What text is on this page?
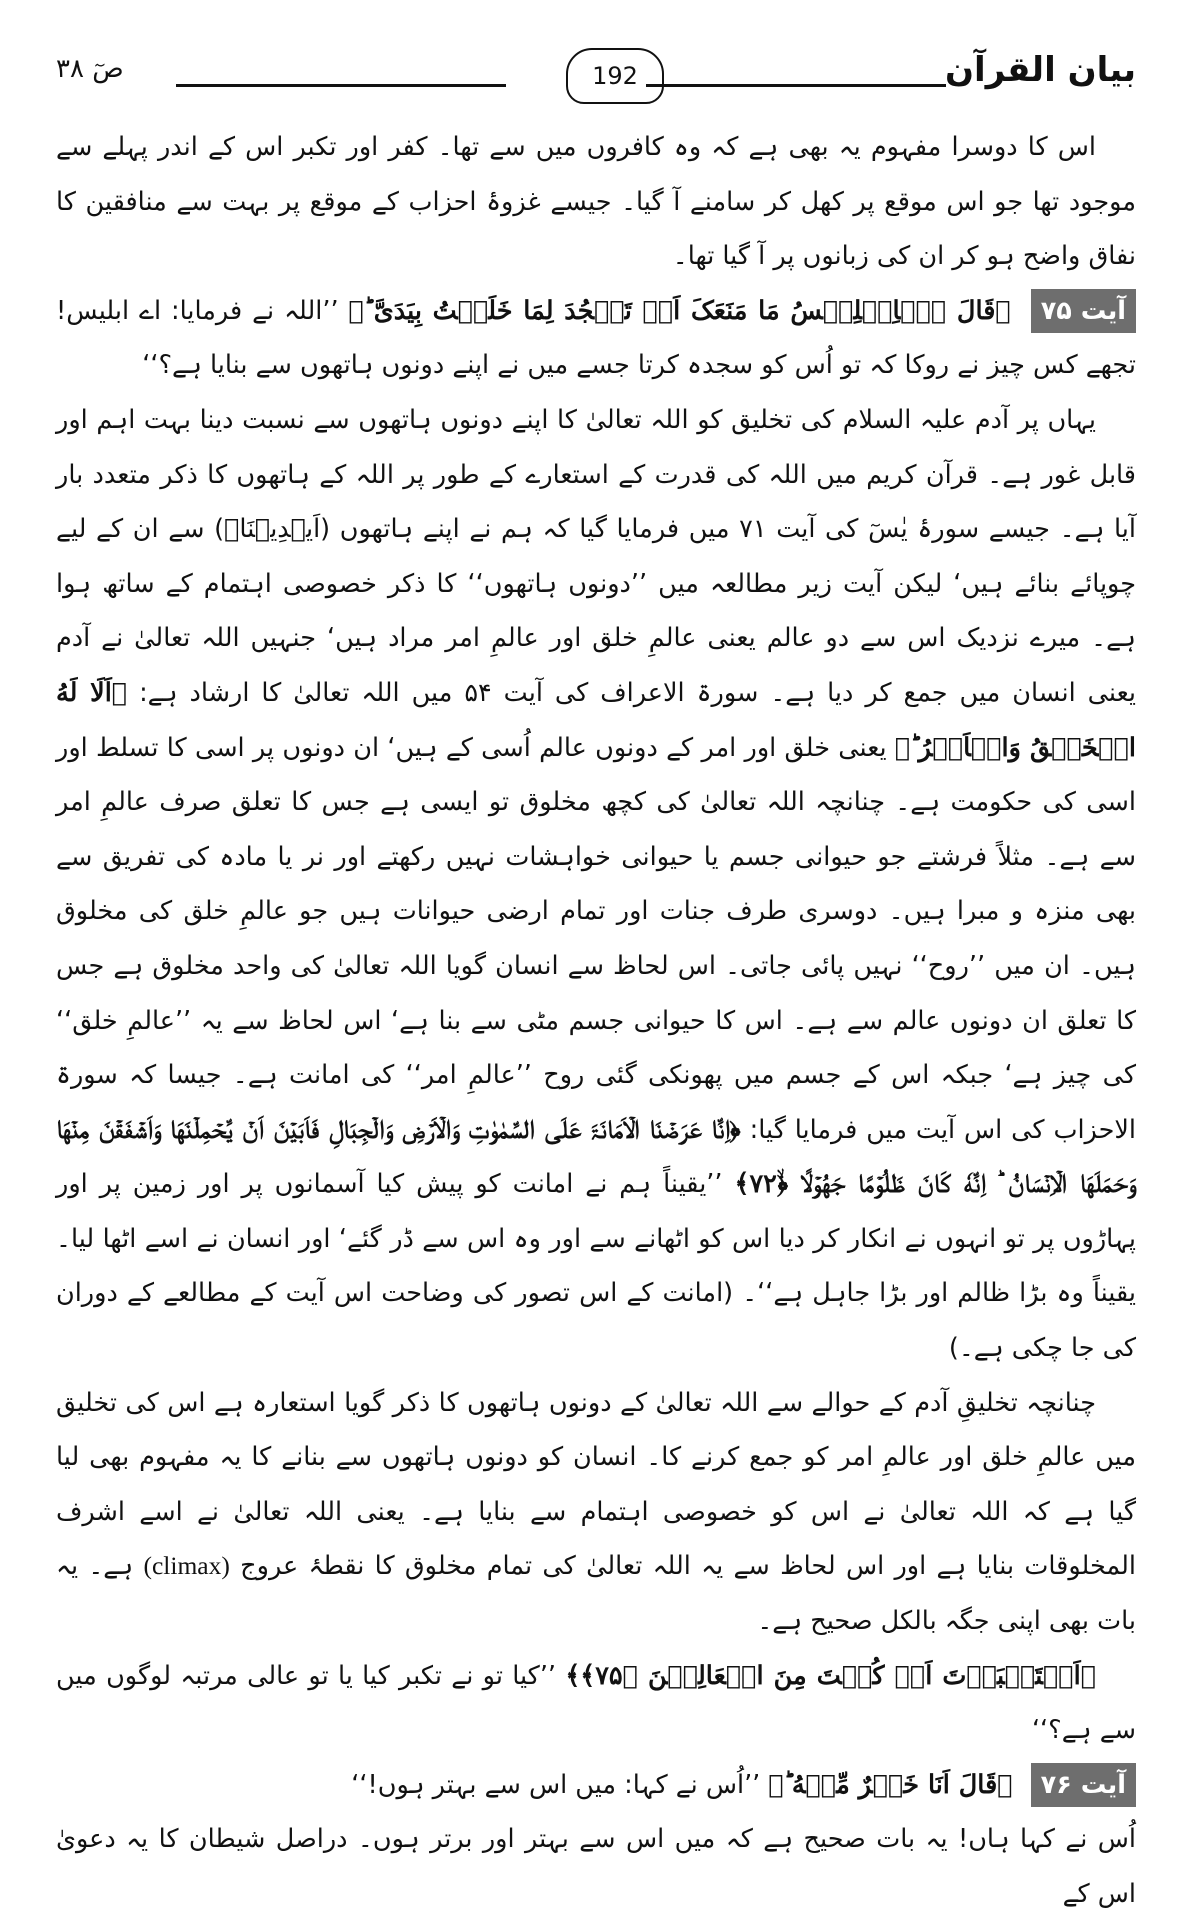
بیان القرآن
192
صٓ ۳۸

اس کا دوسرا مفہوم یہ بھی ہے کہ وہ کافروں میں سے تھا۔ کفر اور تکبر اس کے اندر پہلے سے موجود تھا جو اس موقع پر کھل کر سامنے آ گیا۔ جیسے غزوۂ احزاب کے موقع پر بہت سے منافقین کا نفاق واضح ہو کر ان کی زبانوں پر آ گیا تھا۔

آیت ۷۵ ﴿قَالَ یٰۤاِبۡلِیۡسُ مَا مَنَعَکَ اَنۡ تَسۡجُدَ لِمَا خَلَقۡتُ بِیَدَیَّ ؕ﴾ ’’اللہ نے فرمایا: اے ابلیس! تجھے کس چیز نے روکا کہ تو اُس کو سجدہ کرتا جسے میں نے اپنے دونوں ہاتھوں سے بنایا ہے؟‘‘

یہاں پر آدم علیہ السلام کی تخلیق کو اللہ تعالیٰ کا اپنے دونوں ہاتھوں سے نسبت دینا بہت اہم اور قابل غور ہے۔ قرآن کریم میں اللہ کی قدرت کے استعارے کے طور پر اللہ کے ہاتھوں کا ذکر متعدد بار آیا ہے۔ جیسے سورۂ یٰسٓ کی آیت ۷۱ میں فرمایا گیا کہ ہم نے اپنے ہاتھوں (اَیۡدِیۡنَاۤ) سے ان کے لیے چوپائے بنائے ہیں‘ لیکن آیت زیر مطالعہ میں ’’دونوں ہاتھوں‘‘ کا ذکر خصوصی اہتمام کے ساتھ ہوا ہے۔ میرے نزدیک اس سے دو عالم یعنی عالمِ خلق اور عالمِ امر مراد ہیں‘ جنہیں اللہ تعالیٰ نے آدم یعنی انسان میں جمع کر دیا ہے۔ سورۃ الاعراف کی آیت ۵۴ میں اللہ تعالیٰ کا ارشاد ہے: ﴿اَلَا لَهُ الۡخَلۡقُ وَالۡاَمۡرُ ؕ﴾ یعنی خلق اور امر کے دونوں عالم اُسی کے ہیں‘ ان دونوں پر اسی کا تسلط اور اسی کی حکومت ہے۔ چنانچہ اللہ تعالیٰ کی کچھ مخلوق تو ایسی ہے جس کا تعلق صرف عالمِ امر سے ہے۔ مثلاً فرشتے جو حیوانی جسم یا حیوانی خواہشات نہیں رکھتے اور نر یا مادہ کی تفریق سے بھی منزہ و مبرا ہیں۔ دوسری طرف جنات اور تمام ارضی حیوانات ہیں جو عالمِ خلق کی مخلوق ہیں۔ ان میں ’’روح‘‘ نہیں پائی جاتی۔ اس لحاظ سے انسان گویا اللہ تعالیٰ کی واحد مخلوق ہے جس کا تعلق ان دونوں عالم سے ہے۔ اس کا حیوانی جسم مٹی سے بنا ہے‘ اس لحاظ سے یہ ’’عالمِ خلق‘‘ کی چیز ہے‘ جبکہ اس کے جسم میں پھونکی گئی روح ’’عالمِ امر‘‘ کی امانت ہے۔ جیسا کہ سورۃ الاحزاب کی اس آیت میں فرمایا گیا: ﴿اِنَّا عَرَضۡنَا الۡاَمَانَۃَ عَلَی السَّمٰوٰتِ وَالۡاَرۡضِ وَالۡجِبَالِ فَاَبَیۡنَ اَنۡ یَّحۡمِلۡنَهَا وَاَشۡفَقۡنَ مِنۡهَا وَحَمَلَهَا الۡاِنۡسَانُ ؕ اِنَّهٗ کَانَ ظَلُوۡمًا جَهُوۡلًا ﴿ۙ۷۲﴾ ’’یقیناً ہم نے امانت کو پیش کیا آسمانوں پر اور زمین پر اور پہاڑوں پر تو انہوں نے انکار کر دیا اس کو اٹھانے سے اور وہ اس سے ڈر گئے‘ اور انسان نے اسے اٹھا لیا۔ یقیناً وہ بڑا ظالم اور بڑا جاہل ہے‘‘۔ (امانت کے اس تصور کی وضاحت اس آیت کے مطالعے کے دوران کی جا چکی ہے۔)

چنانچہ تخلیقِ آدم کے حوالے سے اللہ تعالیٰ کے دونوں ہاتھوں کا ذکر گویا استعارہ ہے اس کی تخلیق میں عالمِ خلق اور عالمِ امر کو جمع کرنے کا۔ انسان کو دونوں ہاتھوں سے بنانے کا یہ مفہوم بھی لیا گیا ہے کہ اللہ تعالیٰ نے اس کو خصوصی اہتمام سے بنایا ہے۔ یعنی اللہ تعالیٰ نے اسے اشرف المخلوقات بنایا ہے اور اس لحاظ سے یہ اللہ تعالیٰ کی تمام مخلوق کا نقطۂ عروج (climax) ہے۔ یہ بات بھی اپنی جگہ بالکل صحیح ہے۔

﴿اَسۡتَکۡبَرۡتَ اَمۡ کُنۡتَ مِنَ الۡعَالِیۡنَ ﴿۷۵﴾﴾ ’’کیا تو نے تکبر کیا یا تو عالی مرتبہ لوگوں میں سے ہے؟‘‘

آیت ۷۶ ﴿قَالَ اَنَا خَیۡرٌ مِّنۡهُ ؕ﴾ ’’اُس نے کہا: میں اس سے بہتر ہوں!‘‘

اُس نے کہا ہاں! یہ بات صحیح ہے کہ میں اس سے بہتر اور برتر ہوں۔ دراصل شیطان کا یہ دعویٰ اس کے
